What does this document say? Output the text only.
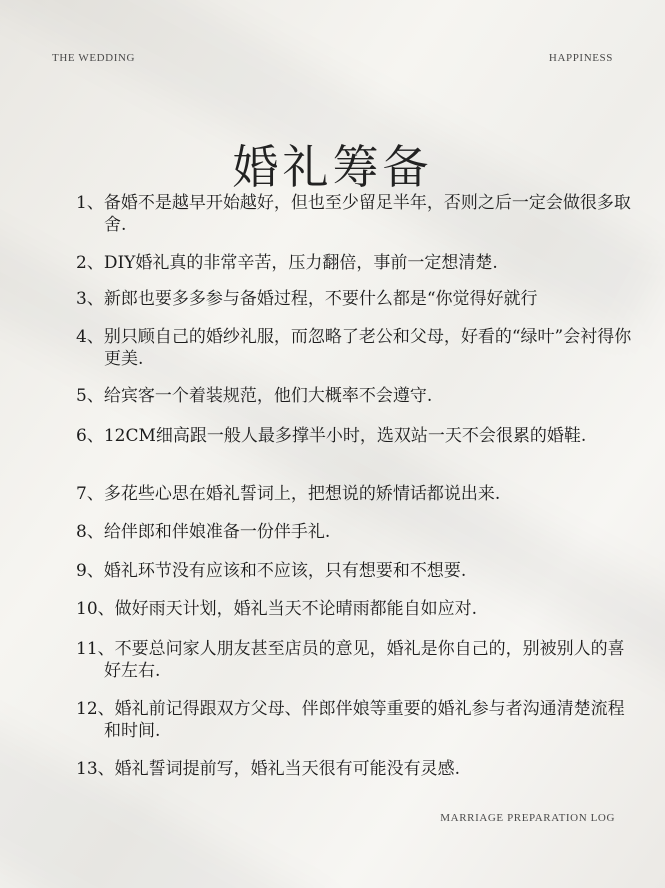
THE WEDDING	HAPPINESS
婚礼筹备
1、备婚不是越早开始越好，但也至少留足半年，否则之后一定会做很多取舍.
2、DIY婚礼真的非常辛苦，压力翻倍，事前一定想清楚.
3、新郎也要多多参与备婚过程，不要什么都是“你觉得好就行
4、别只顾自己的婚纱礼服，而忽略了老公和父母，好看的“绿叶”会衬得你更美.
5、给宾客一个着装规范，他们大概率不会遵守.
6、12CM细高跟一般人最多撑半小时，选双站一天不会很累的婚鞋.
7、多花些心思在婚礼誓词上，把想说的矫情话都说出来.
8、给伴郎和伴娘准备一份伴手礼.
9、婚礼环节没有应该和不应该，只有想要和不想要.
10、做好雨天计划，婚礼当天不论晴雨都能自如应对.
11、不要总问家人朋友甚至店员的意见，婚礼是你自己的，别被别人的喜好左右.
12、婚礼前记得跟双方父母、伴郎伴娘等重要的婚礼参与者沟通清楚流程和时间.
13、婚礼誓词提前写，婚礼当天很有可能没有灵感.
MARRIAGE PREPARATION LOG
